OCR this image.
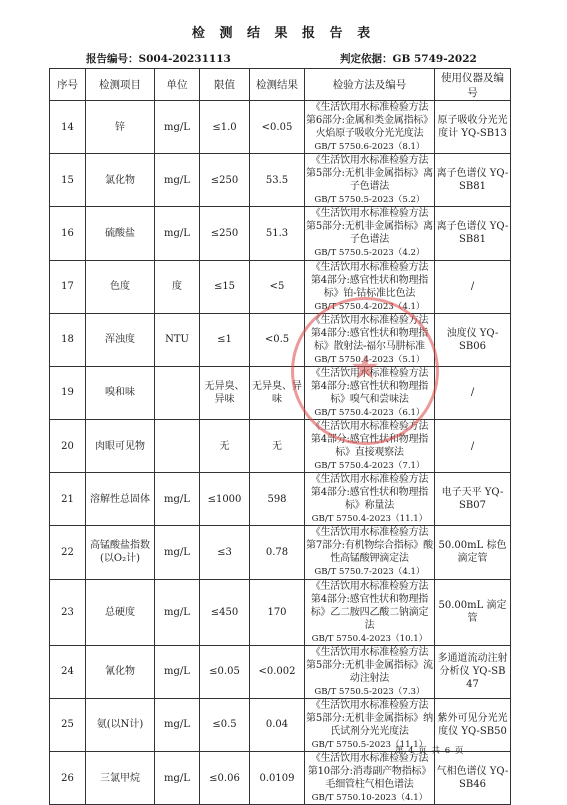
检 测 结 果 报 告 表
报告编号：S004-20231113	判定依据：GB 5749-2022
序号	检测项目	单位	限值	检测结果	检验方法及编号	使用仪器及编号
14	锌	mg/L	≤1.0	<0.05	《生活饮用水标准检验方法 第6部分:金属和类金属指标》火焰原子吸收分光光度法
GB/T 5750.6-2023（8.1）	原子吸收分光光度计 YQ-SB13
15	氯化物	mg/L	≤250	53.5	《生活饮用水标准检验方法 第5部分:无机非金属指标》离子色谱法
GB/T 5750.5-2023（5.2）	离子色谱仪 YQ-SB81
16	硫酸盐	mg/L	≤250	51.3	《生活饮用水标准检验方法 第5部分:无机非金属指标》离子色谱法
GB/T 5750.5-2023（4.2）	离子色谱仪 YQ-SB81
17	色度	度	≤15	<5	《生活饮用水标准检验方法 第4部分:感官性状和物理指标》铂-钴标准比色法
GB/T 5750.4-2023（4.1）	/
18	浑浊度	NTU	≤1	<0.5	《生活饮用水标准检验方法 第4部分:感官性状和物理指标》散射法-福尔马肼标准
GB/T 5750.4-2023（5.1）	浊度仪 YQ-SB06
19	嗅和味		无异臭、异味	无异臭、异味	《生活饮用水标准检验方法 第4部分:感官性状和物理指标》嗅气和尝味法
GB/T 5750.4-2023（6.1）	/
20	肉眼可见物		无	无	《生活饮用水标准检验方法 第4部分:感官性状和物理指标》直接观察法
GB/T 5750.4-2023（7.1）	/
21	溶解性总固体	mg/L	≤1000	598	《生活饮用水标准检验方法 第4部分:感官性状和物理指标》称量法
GB/T 5750.4-2023（11.1）	电子天平 YQ-SB07
22	高锰酸盐指数(以O₂计)	mg/L	≤3	0.78	《生活饮用水标准检验方法 第7部分:有机物综合指标》酸性高锰酸钾滴定法
GB/T 5750.7-2023（4.1）	50.00mL 棕色滴定管
23	总硬度	mg/L	≤450	170	《生活饮用水标准检验方法 第4部分:感官性状和物理指标》乙二胺四乙酸二钠滴定法
GB/T 5750.4-2023（10.1）	50.00mL 滴定管
24	氰化物	mg/L	≤0.05	<0.002	《生活饮用水标准检验方法 第5部分:无机非金属指标》流动注射法
GB/T 5750.5-2023（7.3）	多通道流动注射分析仪 YQ-SB 47
25	氨(以N计)	mg/L	≤0.5	0.04	《生活饮用水标准检验方法 第5部分:无机非金属指标》纳氏试剂分光光度法
GB/T 5750.5-2023（11.1）	紫外可见分光光度仪 YQ-SB50
26	三氯甲烷	mg/L	≤0.06	0.0109	《生活饮用水标准检验方法 第10部分:消毒副产物指标》毛细管柱气相色谱法
GB/T 5750.10-2023（4.1）	气相色谱仪 YQ-SB46
★
第 4 页 共 6 页
